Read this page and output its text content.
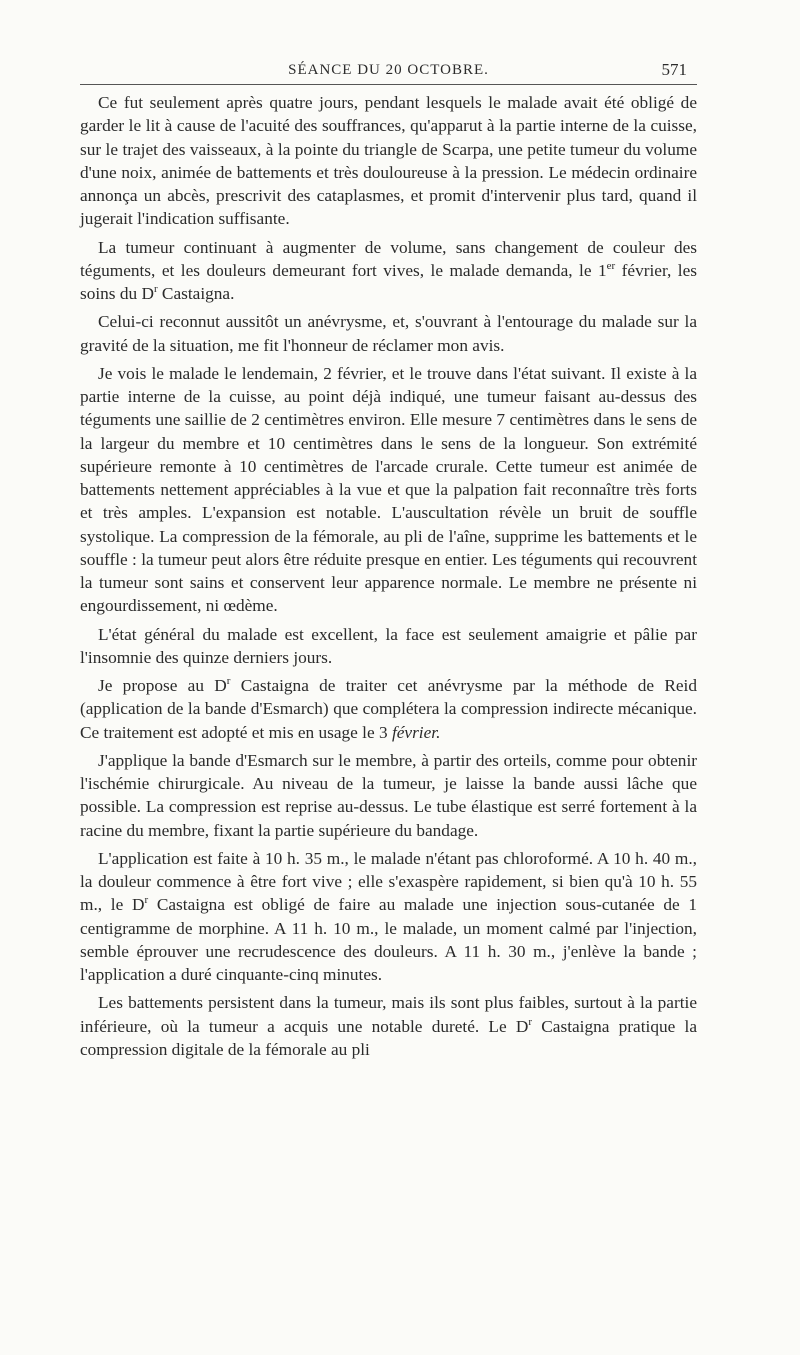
SÉANCE DU 20 OCTOBRE.	571

Ce fut seulement après quatre jours, pendant lesquels le malade avait été obligé de garder le lit à cause de l'acuité des souffrances, qu'apparut à la partie interne de la cuisse, sur le trajet des vaisseaux, à la pointe du triangle de Scarpa, une petite tumeur du volume d'une noix, animée de battements et très douloureuse à la pression. Le médecin ordinaire annonça un abcès, prescrivit des cataplasmes, et promit d'intervenir plus tard, quand il jugerait l'indication suffisante.

La tumeur continuant à augmenter de volume, sans changement de couleur des téguments, et les douleurs demeurant fort vives, le malade demanda, le 1er février, les soins du $D^r$ Castaigna.

Celui-ci reconnut aussitôt un anévrysme, et, s'ouvrant à l'entourage du malade sur la gravité de la situation, me fit l'honneur de réclamer mon avis.

Je vois le malade le lendemain, 2 février, et le trouve dans l'état suivant. Il existe à la partie interne de la cuisse, au point déjà indiqué, une tumeur faisant au-dessus des téguments une saillie de 2 centimètres environ. Elle mesure 7 centimètres dans le sens de la largeur du membre et 10 centimètres dans le sens de la longueur. Son extrémité supérieure remonte à 10 centimètres de l'arcade crurale. Cette tumeur est animée de battements nettement appréciables à la vue et que la palpation fait reconnaître très forts et très amples. L'expansion est notable. L'auscultation révèle un bruit de souffle systolique. La compression de la fémorale, au pli de l'aîne, supprime les battements et le souffle : la tumeur peut alors être réduite presque en entier. Les téguments qui recouvrent la tumeur sont sains et conservent leur apparence normale. Le membre ne présente ni engourdissement, ni œdème.

L'état général du malade est excellent, la face est seulement amaigrie et pâlie par l'insomnie des quinze derniers jours.

Je propose au $D^r$ Castaigna de traiter cet anévrysme par la méthode de Reid (application de la bande d'Esmarch) que complétera la compression indirecte mécanique. Ce traitement est adopté et mis en usage le 3 février.

J'applique la bande d'Esmarch sur le membre, à partir des orteils, comme pour obtenir l'ischémie chirurgicale. Au niveau de la tumeur, je laisse la bande aussi lâche que possible. La compression est reprise au-dessus. Le tube élastique est serré fortement à la racine du membre, fixant la partie supérieure du bandage.

L'application est faite à 10 h. 35 m., le malade n'étant pas chloroformé. A 10 h. 40 m., la douleur commence à être fort vive ; elle s'exaspère rapidement, si bien qu'à 10 h. 55 m., le $D^r$ Castaigna est obligé de faire au malade une injection sous-cutanée de 1 centigramme de morphine. A 11 h. 10 m., le malade, un moment calmé par l'injection, semble éprouver une recrudescence des douleurs. A 11 h. 30 m., j'enlève la bande ; l'application a duré cinquante-cinq minutes.

Les battements persistent dans la tumeur, mais ils sont plus faibles, surtout à la partie inférieure, où la tumeur a acquis une notable dureté. Le $D^r$ Castaigna pratique la compression digitale de la fémorale au pli
